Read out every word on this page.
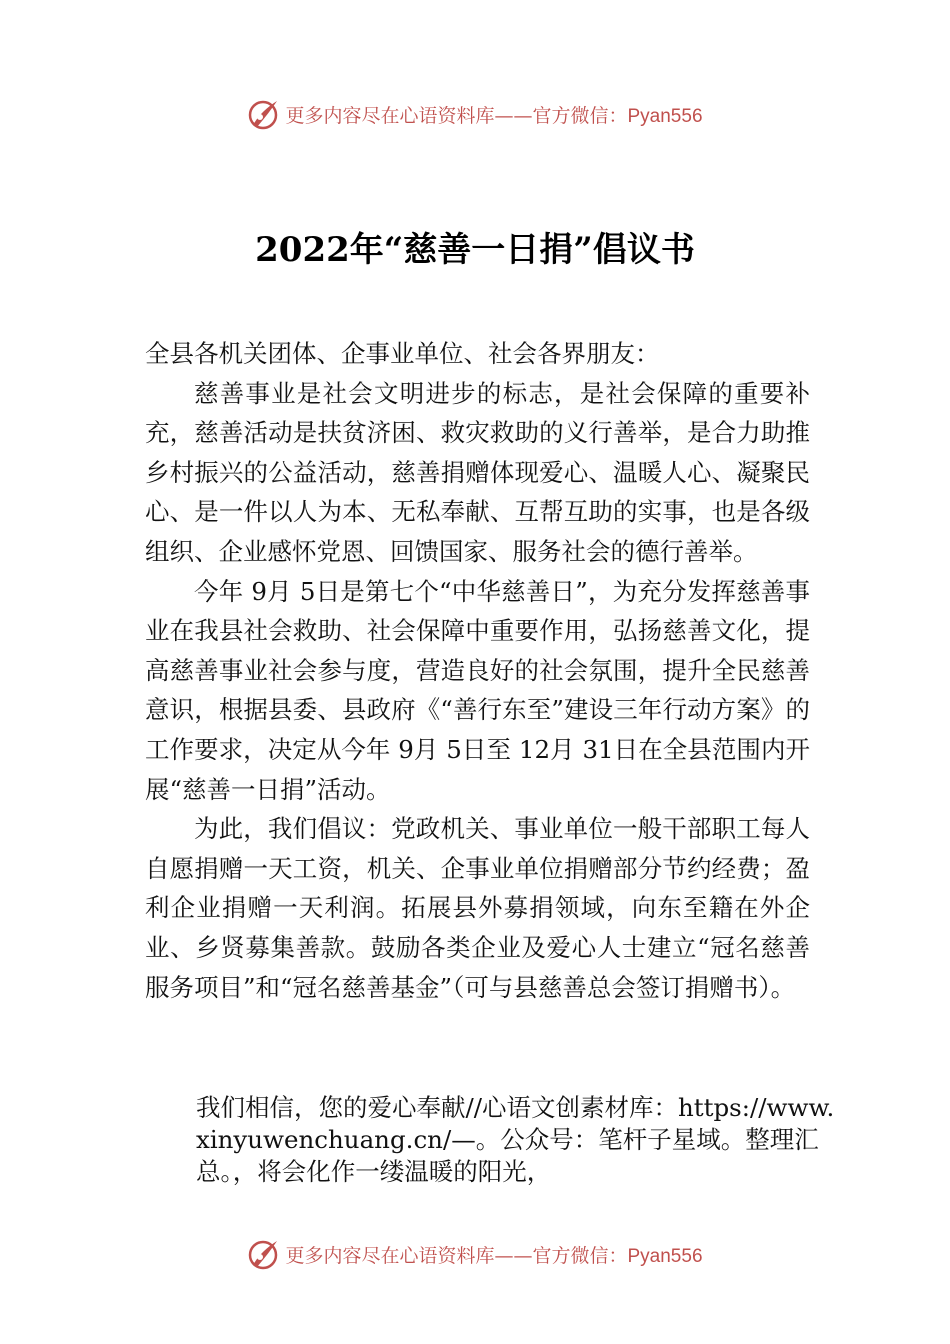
更多内容尽在心语资料库—— 官方微信：Pyan556
2022年“慈善一日捐”倡议书

全县各机关团体、企事业单位、社会各界朋友：

慈善事业是社会文明进步的标志，是社会保障的重要补充，慈善活动是扶贫济困、救灾救助的义行善举，是合力助推乡村振兴的公益活动，慈善捐赠体现爱心、温暖人心、凝聚民心、是一件以人为本、无私奉献、互帮互助的实事，也是各级组织、企业感怀党恩、回馈国家、服务社会的德行善举。

今年 9月 5日是第七个“中华慈善日”，为充分发挥慈善事业在我县社会救助、社会保障中重要作用，弘扬慈善文化，提高慈善事业社会参与度，营造良好的社会氛围，提升全民慈善意识，根据县委、县政府《“善行东至”建设三年行动方案》的工作要求，决定从今年 9月 5日至 12月 31日在全县范围内开展“慈善一日捐”活动。

为此，我们倡议：党政机关、事业单位一般干部职工每人自愿捐赠一天工资，机关、企事业单位捐赠部分节约经费；盈利企业捐赠一天利润。拓展县外募捐领域，向东至籍在外企业、乡贤募集善款。鼓励各类企业及爱心人士建立“冠名慈善服务项目”和“冠名慈善基金”（可与县慈善总会签订捐赠书）。

我们相信，您的爱心奉献//心语文创素材库：https://www.xinyuwenchuang.cn/—。公众号：笔杆子星域。整理汇总。，将会化作一缕温暖的阳光，
更多内容尽在心语资料库—— 官方微信：Pyan556
